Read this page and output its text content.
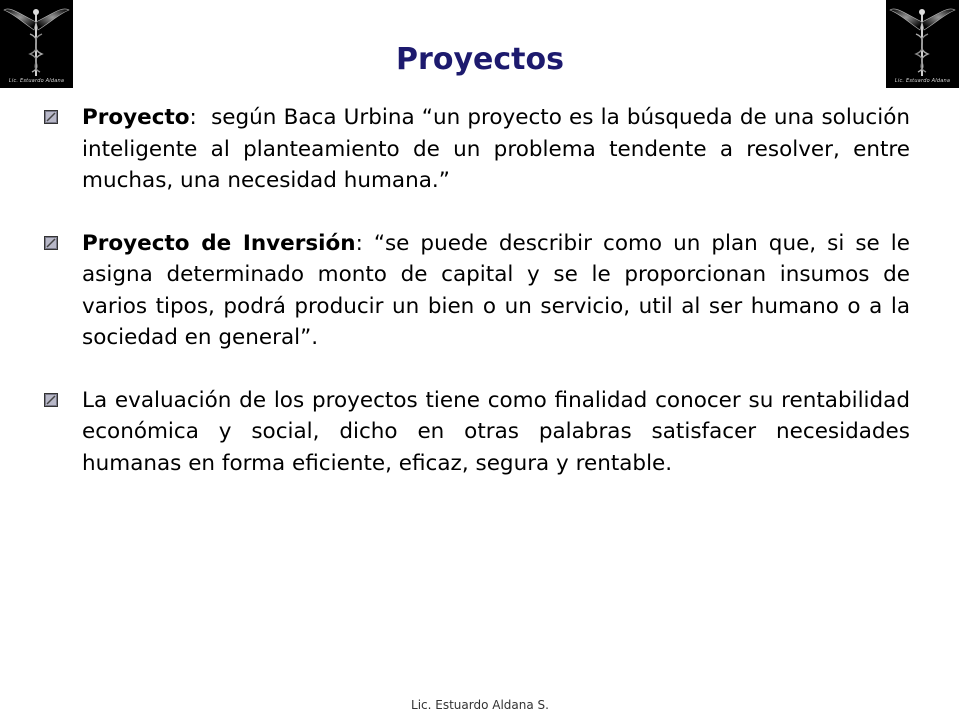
Lic. Estuardo Aldana	Lic. Estuardo Aldana
Proyectos
Proyecto:  según Baca Urbina “un proyecto es la búsqueda de una solución inteligente al planteamiento de un problema tendente a resolver, entre muchas, una necesidad humana.”
Proyecto de Inversión: “se puede describir como un plan que, si se le asigna determinado monto de capital y se le proporcionan insumos de varios tipos, podrá producir un bien o un servicio, util al ser humano o a la sociedad en general”.
La evaluación de los proyectos tiene como finalidad conocer su rentabilidad económica y social, dicho en otras palabras satisfacer necesidades humanas en forma eficiente, eficaz, segura y rentable.
Lic. Estuardo Aldana S.
